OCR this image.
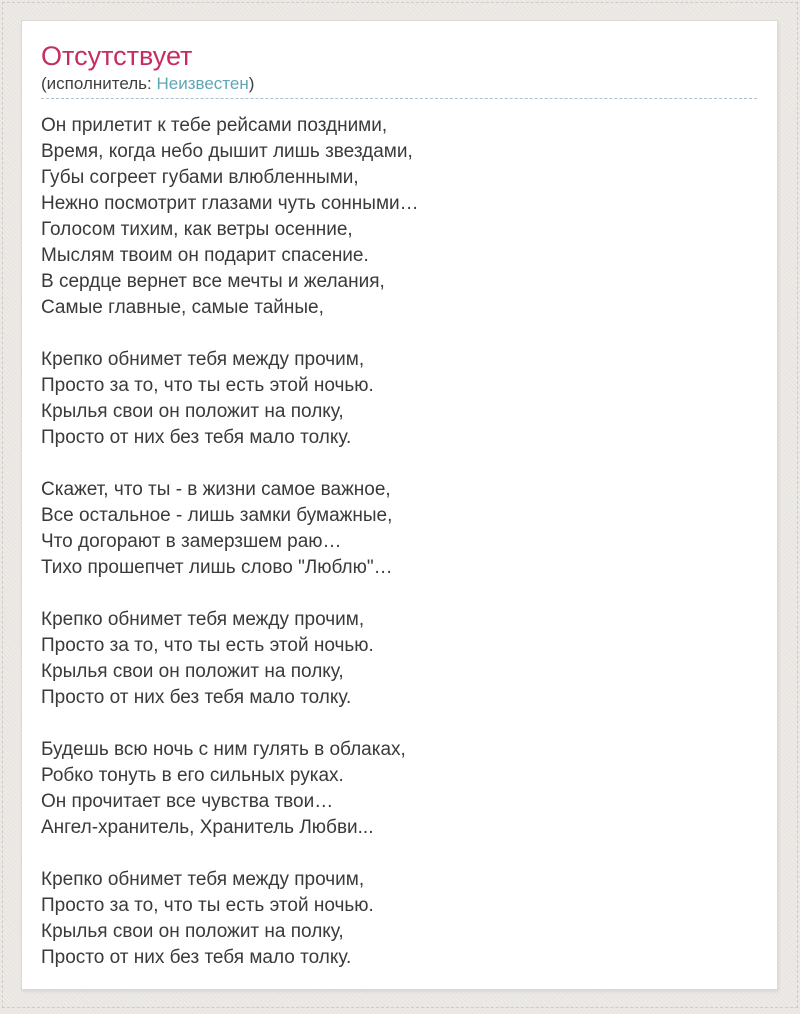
Отсутствует
(исполнитель: Неизвестен)
Он прилетит к тебе рейсами поздними,
Время, когда небо дышит лишь звездами,
Губы согреет губами влюбленными,
Нежно посмотрит глазами чуть сонными…
Голосом тихим, как ветры осенние,
Мыслям твоим он подарит спасение.
В сердце вернет все мечты и желания,
Самые главные, самые тайные,
Крепко обнимет тебя между прочим,
Просто за то, что ты есть этой ночью.
Крылья свои он положит на полку,
Просто от них без тебя мало толку.
Скажет, что ты - в жизни самое важное,
Все остальное - лишь замки бумажные,
Что догорают в замерзшем раю…
Тихо прошепчет лишь слово "Люблю"…
Крепко обнимет тебя между прочим,
Просто за то, что ты есть этой ночью.
Крылья свои он положит на полку,
Просто от них без тебя мало толку.
Будешь всю ночь с ним гулять в облаках,
Робко тонуть в его сильных руках.
Он прочитает все чувства твои…
Ангел-хранитель, Хранитель Любви...
Крепко обнимет тебя между прочим,
Просто за то, что ты есть этой ночью.
Крылья свои он положит на полку,
Просто от них без тебя мало толку.
